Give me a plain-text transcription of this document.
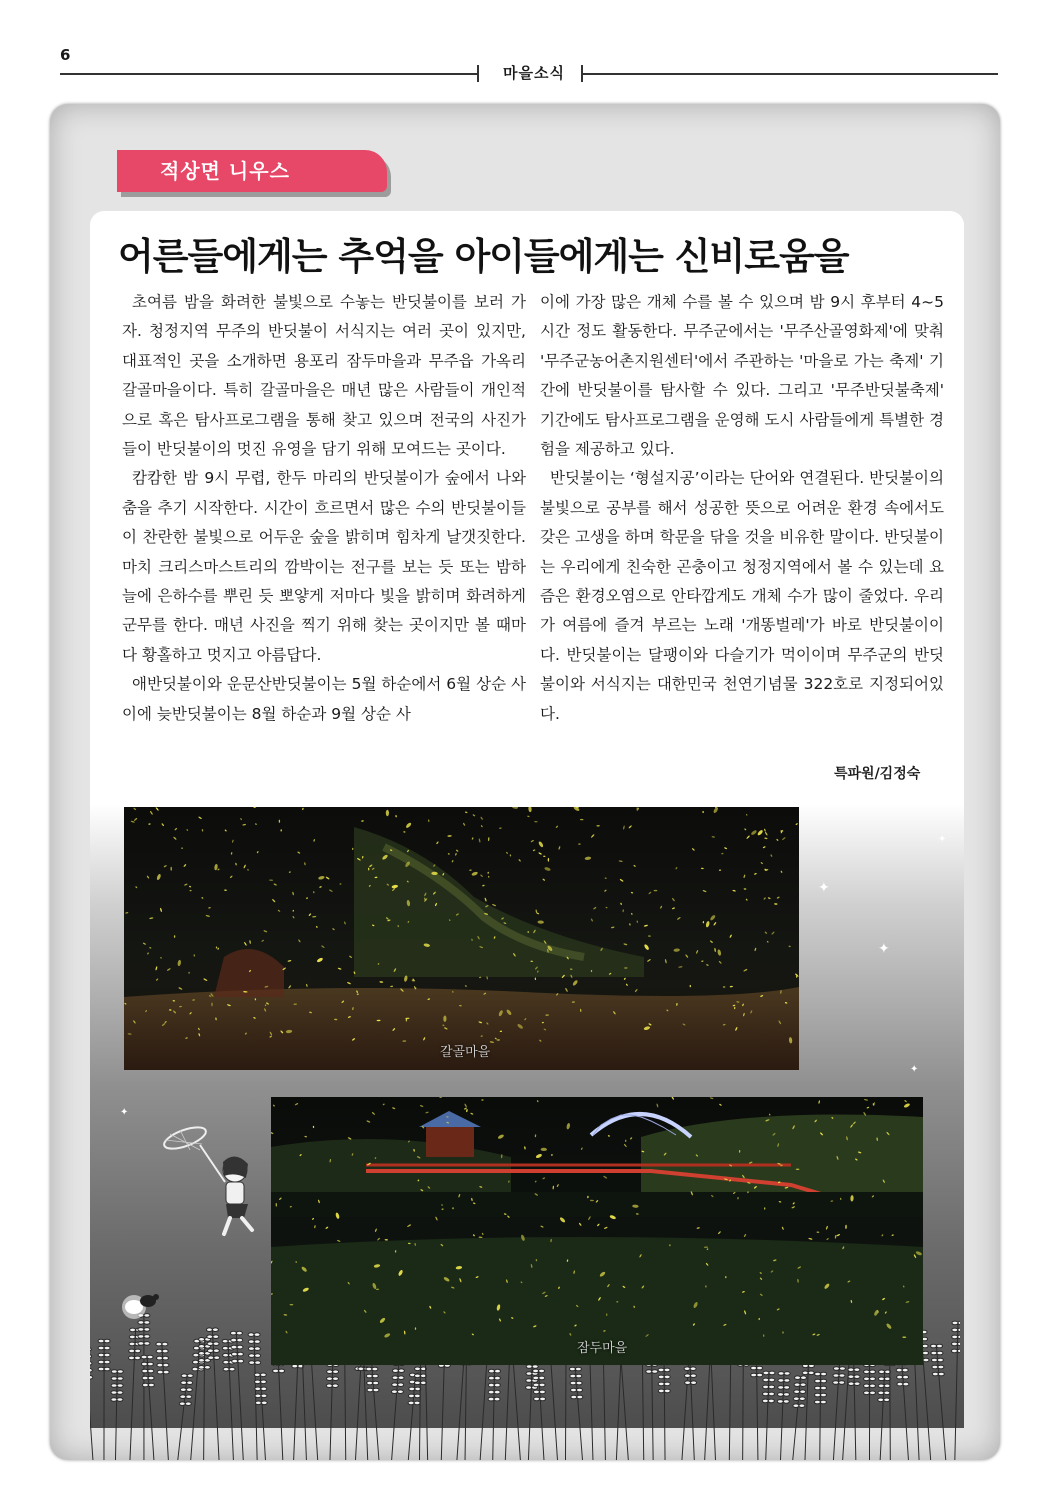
6
마을소식
적상면 니우스
어른들에게는 추억을 아이들에게는 신비로움을

초여름 밤을 화려한 불빛으로 수놓는 반딧불이를 보러 가자. 청정지역 무주의 반딧불이 서식지는 여러 곳이 있지만, 대표적인 곳을 소개하면 용포리 잠두마을과 무주읍 가옥리 갈골마을이다. 특히 갈골마을은 매년 많은 사람들이 개인적으로 혹은 탐사프로그램을 통해 찾고 있으며 전국의 사진가들이 반딧불이의 멋진 유영을 담기 위해 모여드는 곳이다.

캄캄한 밤 9시 무렵, 한두 마리의 반딧불이가 숲에서 나와 춤을 추기 시작한다. 시간이 흐르면서 많은 수의 반딧불이들이 찬란한 불빛으로 어두운 숲을 밝히며 힘차게 날갯짓한다. 마치 크리스마스트리의 깜박이는 전구를 보는 듯 또는 밤하늘에 은하수를 뿌린 듯 뽀얗게 저마다 빛을 밝히며 화려하게 군무를 한다. 매년 사진을 찍기 위해 찾는 곳이지만 볼 때마다 황홀하고 멋지고 아름답다.

애반딧불이와 운문산반딧불이는 5월 하순에서 6월 상순 사이에 늦반딧불이는 8월 하순과 9월 상순 사

이에 가장 많은 개체 수를 볼 수 있으며 밤 9시 후부터 4~5시간 정도 활동한다. 무주군에서는 '무주산골영화제'에 맞춰 '무주군농어촌지원센터'에서 주관하는 '마을로 가는 축제' 기간에 반딧불이를 탐사할 수 있다. 그리고 '무주반딧불축제' 기간에도 탐사프로그램을 운영해 도시 사람들에게 특별한 경험을 제공하고 있다.

반딧불이는 ‘형설지공’이라는 단어와 연결된다. 반딧불이의 불빛으로 공부를 해서 성공한 뜻으로 어려운 환경 속에서도 갖은 고생을 하며 학문을 닦을 것을 비유한 말이다. 반딧불이는 우리에게 친숙한 곤충이고 청정지역에서 볼 수 있는데 요즘은 환경오염으로 안타깝게도 개체 수가 많이 줄었다. 우리가 여름에 즐겨 부르는 노래 '개똥벌레'가 바로 반딧불이이다. 반딧불이는 달팽이와 다슬기가 먹이이며 무주군의 반딧불이와 서식지는 대한민국 천연기념물 322호로 지정되어있다.

특파원/김정숙
갈골마을
잠두마을
✦
✦
✦
✦
✦
